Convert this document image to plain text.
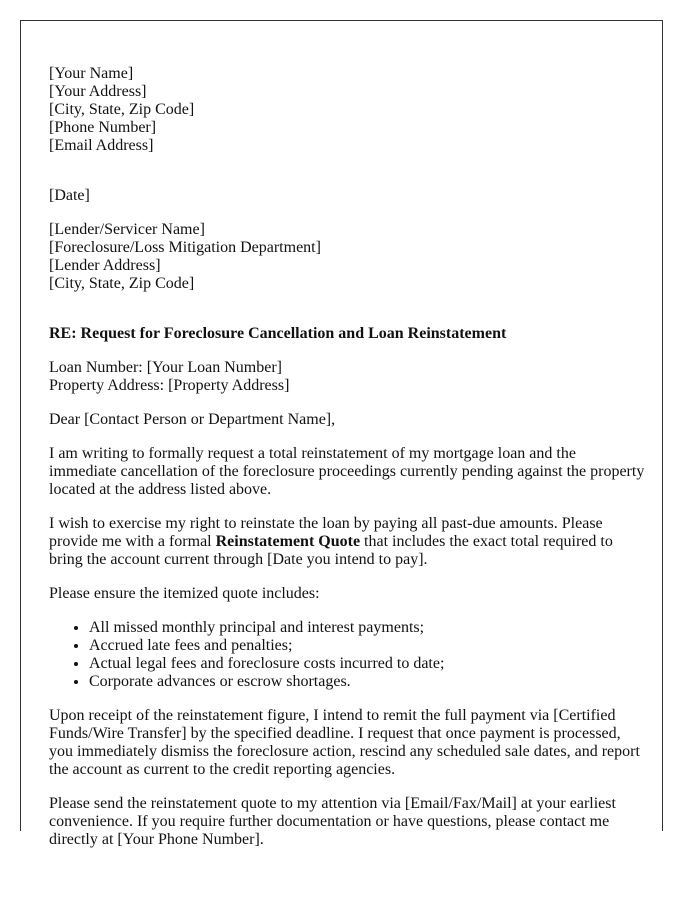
[Your Name]
[Your Address]
[City, State, Zip Code]
[Phone Number]
[Email Address]

[Date]

[Lender/Servicer Name]
[Foreclosure/Loss Mitigation Department]
[Lender Address]
[City, State, Zip Code]

RE: Request for Foreclosure Cancellation and Loan Reinstatement

Loan Number: [Your Loan Number]
Property Address: [Property Address]

Dear [Contact Person or Department Name],

I am writing to formally request a total reinstatement of my mortgage loan and the immediate cancellation of the foreclosure proceedings currently pending against the property located at the address listed above.

I wish to exercise my right to reinstate the loan by paying all past-due amounts. Please provide me with a formal Reinstatement Quote that includes the exact total required to bring the account current through [Date you intend to pay].

Please ensure the itemized quote includes:

• All missed monthly principal and interest payments;
• Accrued late fees and penalties;
• Actual legal fees and foreclosure costs incurred to date;
• Corporate advances or escrow shortages.

Upon receipt of the reinstatement figure, I intend to remit the full payment via [Certified Funds/Wire Transfer] by the specified deadline. I request that once payment is processed, you immediately dismiss the foreclosure action, rescind any scheduled sale dates, and report the account as current to the credit reporting agencies.

Please send the reinstatement quote to my attention via [Email/Fax/Mail] at your earliest convenience. If you require further documentation or have questions, please contact me directly at [Your Phone Number].
